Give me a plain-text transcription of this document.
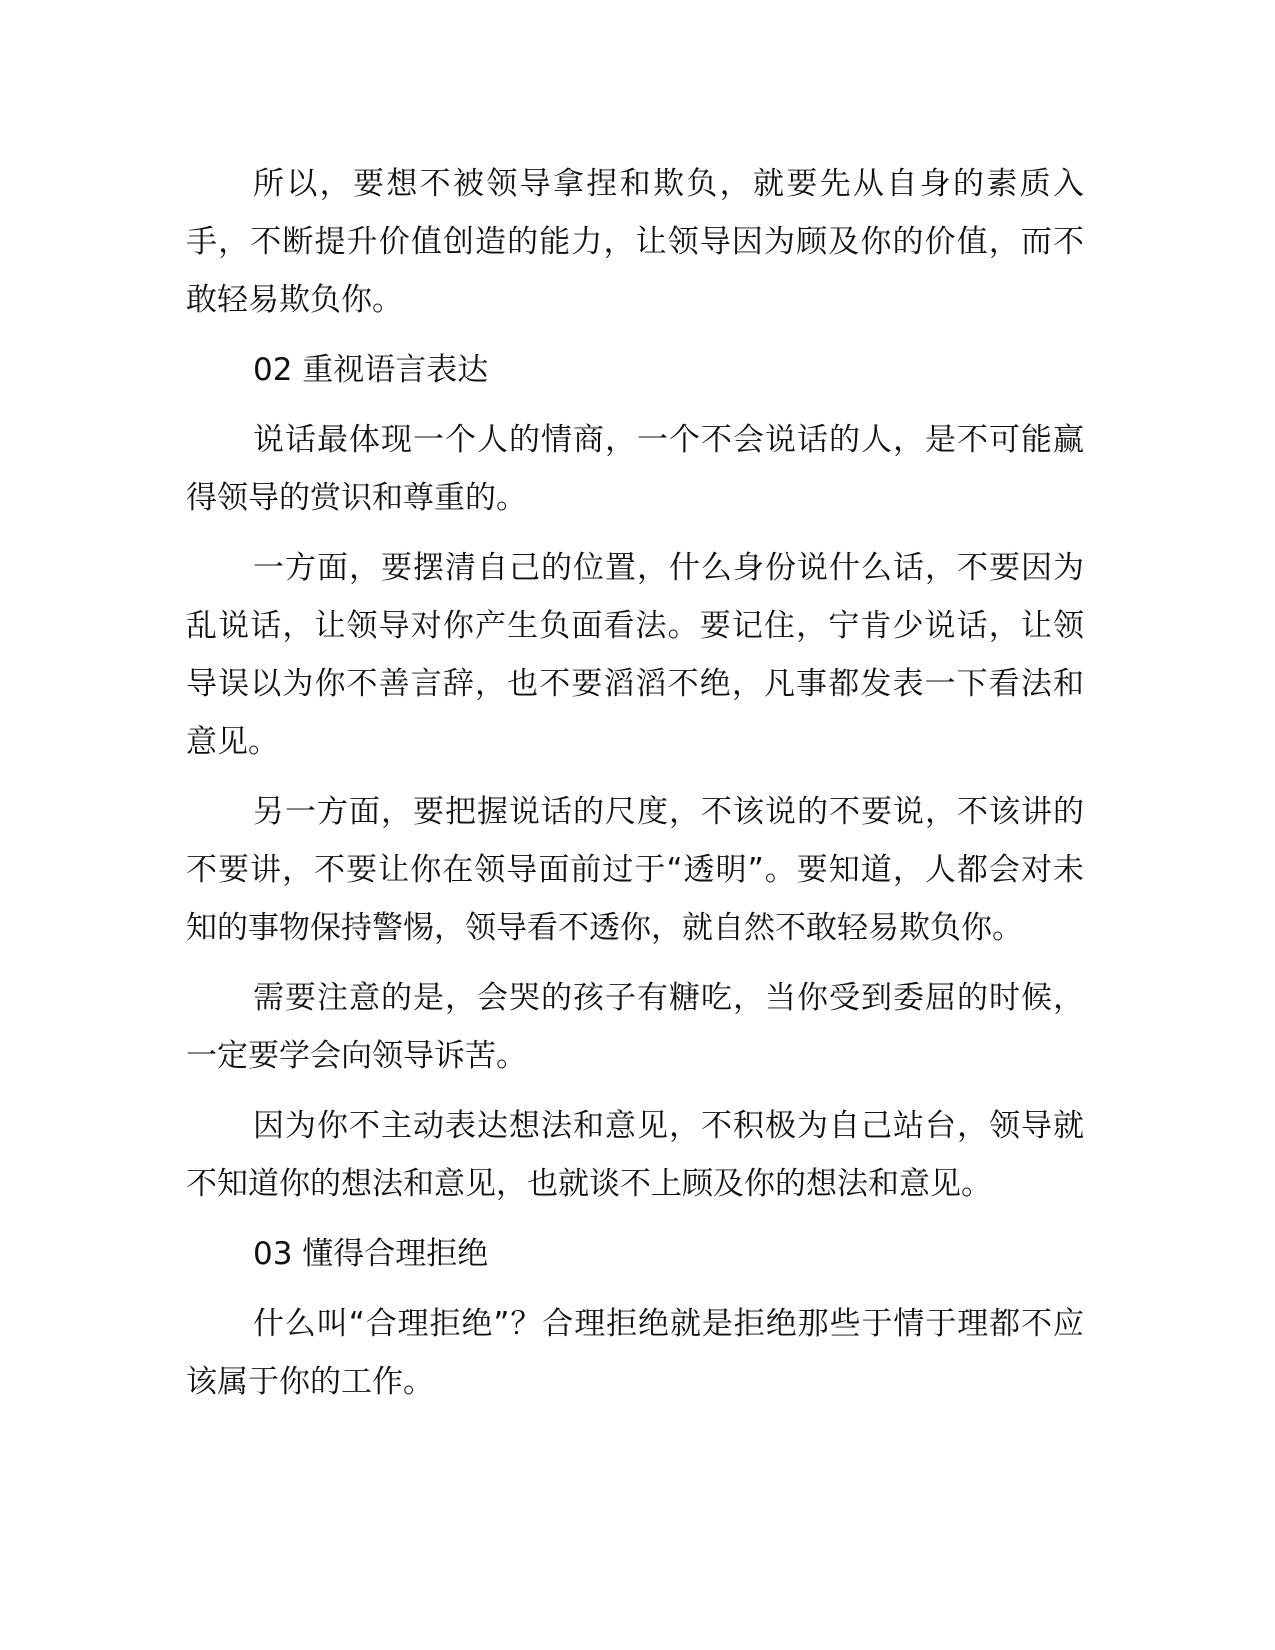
所以，要想不被领导拿捏和欺负，就要先从自身的素质入手，不断提升价值创造的能力，让领导因为顾及你的价值，而不敢轻易欺负你。

02 重视语言表达

说话最体现一个人的情商，一个不会说话的人，是不可能赢得领导的赏识和尊重的。

一方面，要摆清自己的位置，什么身份说什么话，不要因为乱说话，让领导对你产生负面看法。要记住，宁肯少说话，让领导误以为你不善言辞，也不要滔滔不绝，凡事都发表一下看法和意见。

另一方面，要把握说话的尺度，不该说的不要说，不该讲的不要讲，不要让你在领导面前过于“透明”。要知道，人都会对未知的事物保持警惕，领导看不透你，就自然不敢轻易欺负你。

需要注意的是，会哭的孩子有糖吃，当你受到委屈的时候，一定要学会向领导诉苦。

因为你不主动表达想法和意见，不积极为自己站台，领导就不知道你的想法和意见，也就谈不上顾及你的想法和意见。

03 懂得合理拒绝

什么叫“合理拒绝”？合理拒绝就是拒绝那些于情于理都不应该属于你的工作。
